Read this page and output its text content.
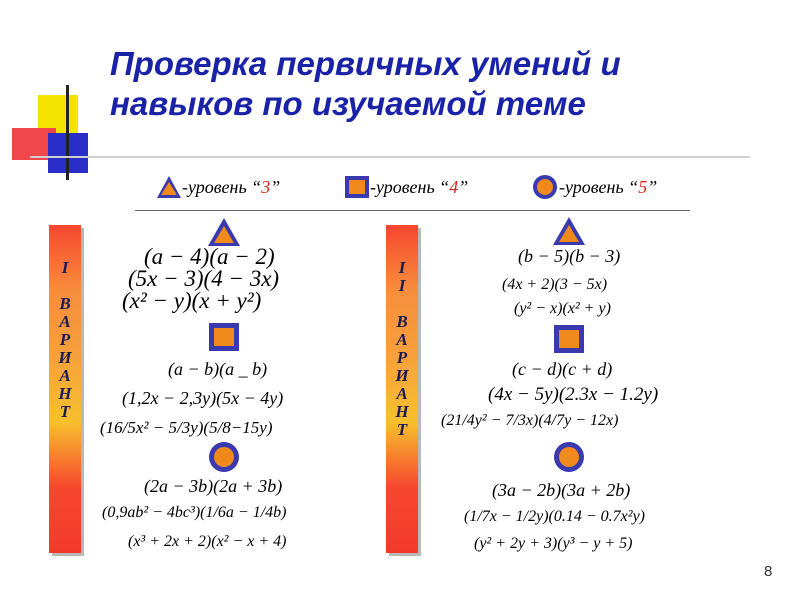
Проверка первичных умений и
навыков по изучаемой теме
-уровень “3”	-уровень “4”	-уровень “5”
I
В
А
Р
И
А
Н
Т
I
I
В
А
Р
И
А
Н
Т
(a − 4)(a − 2)
(5x − 3)(4 − 3x)
(x² − y)(x + y²)
(a − b)(a _ b)
(1,2x − 2,3y)(5x − 4y)
(16/5x² − 5/3y)(5/8−15y)
(2a − 3b)(2a + 3b)
(0,9ab² − 4bc³)(1/6a − 1/4b)
(x³ + 2x + 2)(x² − x + 4)
(b − 5)(b − 3)
(4x + 2)(3 − 5x)
(y² − x)(x² + y)
(c − d)(c + d)
(4x − 5y)(2.3x − 1.2y)
(21/4y² − 7/3x)(4/7y − 12x)
(3a − 2b)(3a + 2b)
(1/7x − 1/2y)(0.14 − 0.7x²y)
(y² + 2y + 3)(y³ − y + 5)
8
